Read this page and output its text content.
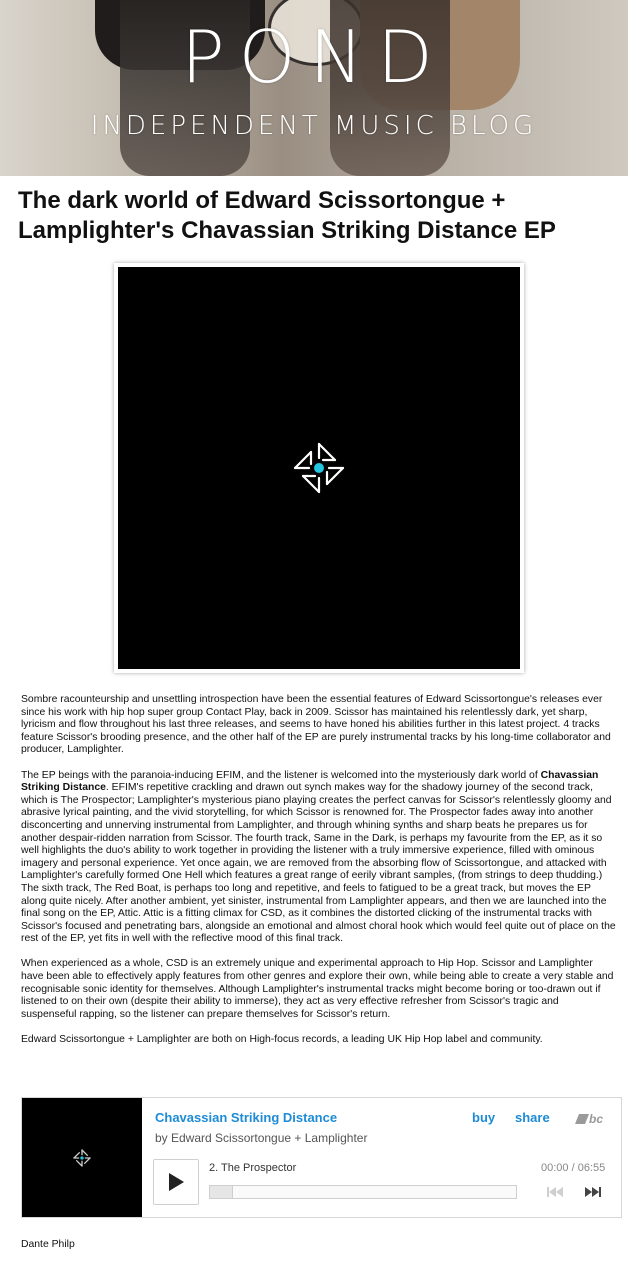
POND
INDEPENDENT MUSIC BLOG
The dark world of Edward Scissortongue + Lamplighter's Chavassian Striking Distance EP

Sombre racounteurship and unsettling introspection have been the essential features of Edward Scissortongue's releases ever since his work with hip hop super group Contact Play, back in 2009. Scissor has maintained his relentlessly dark, yet sharp, lyricism and flow throughout his last three releases, and seems to have honed his abilities further in this latest project. 4 tracks feature Scissor's brooding presence, and the other half of the EP are purely instrumental tracks by his long-time collaborator and producer, Lamplighter.

The EP beings with the paranoia-inducing EFIM, and the listener is welcomed into the mysteriously dark world of Chavassian Striking Distance. EFIM's repetitive crackling and drawn out synch makes way for the shadowy journey of the second track, which is The Prospector; Lamplighter's mysterious piano playing creates the perfect canvas for Scissor's relentlessly gloomy and abrasive lyrical painting, and the vivid storytelling, for which Scissor is renowned for. The Prospector fades away into another disconcerting and unnerving instrumental from Lamplighter, and through whining synths and sharp beats he prepares us for another despair-ridden narration from Scissor. The fourth track, Same in the Dark, is perhaps my favourite from the EP, as it so well highlights the duo's ability to work together in providing the listener with a truly immersive experience, filled with ominous imagery and personal experience. Yet once again, we are removed from the absorbing flow of Scissortongue, and attacked with Lamplighter's carefully formed One Hell which features a great range of eerily vibrant samples, (from strings to deep thudding.) The sixth track, The Red Boat, is perhaps too long and repetitive, and feels to fatigued to be a great track, but moves the EP along quite nicely. After another ambient, yet sinister, instrumental from Lamplighter appears, and then we are launched into the final song on the EP, Attic. Attic is a fitting climax for CSD, as it combines the distorted clicking of the instrumental tracks with Scissor's focused and penetrating bars, alongside an emotional and almost choral hook which would feel quite out of place on the rest of the EP, yet fits in well with the reflective mood of this final track.

When experienced as a whole, CSD is an extremely unique and experimental approach to Hip Hop. Scissor and Lamplighter have been able to effectively apply features from other genres and explore their own, while being able to create a very stable and recognisable sonic identity for themselves. Although Lamplighter's instrumental tracks might become boring or too-drawn out if listened to on their own (despite their ability to immerse), they act as very effective refresher from Scissor's tragic and suspenseful rapping, so the listener can prepare themselves for Scissor's return.

Edward Scissortongue + Lamplighter are both on High-focus records, a leading UK Hip Hop label and community.

Chavassian Striking Distance
by Edward Scissortongue + Lamplighter
buy share	bc
2. The Prospector	00:00 / 06:55
Dante Philp
